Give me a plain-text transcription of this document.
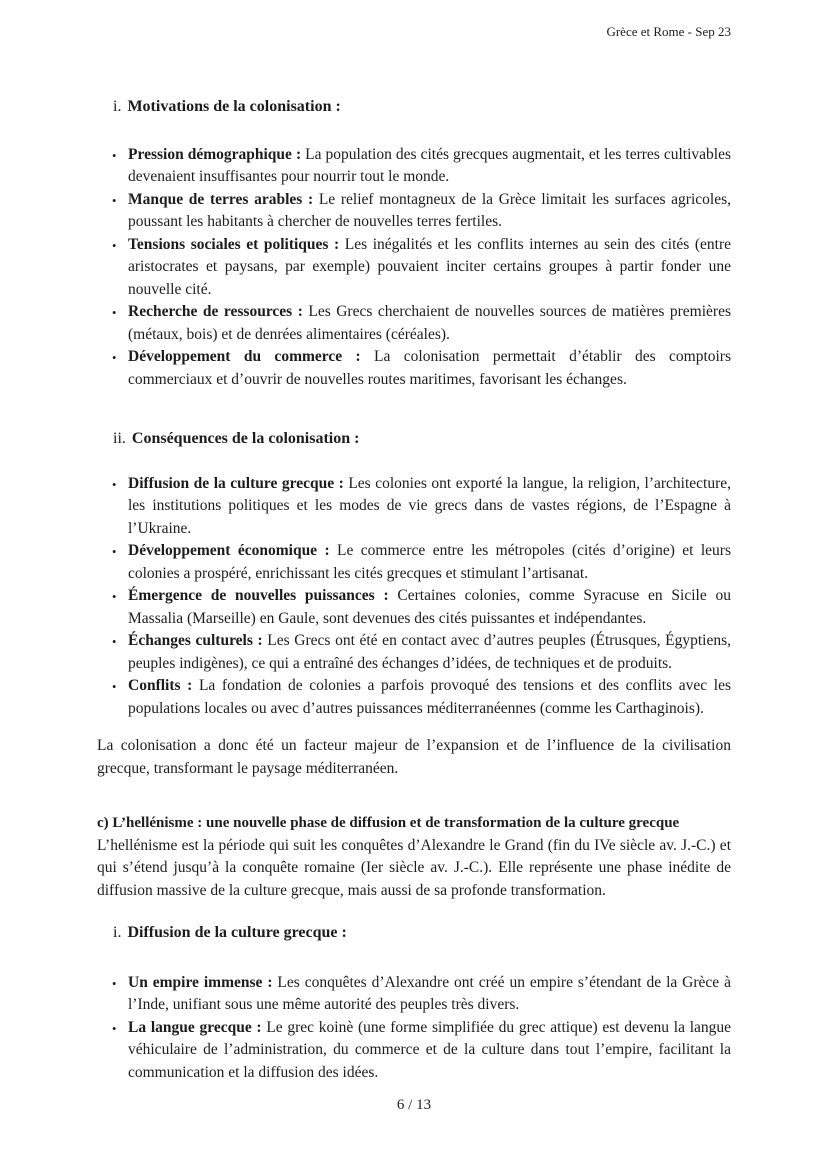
Grèce et Rome - Sep 23
i. Motivations de la colonisation :
• Pression démographique : La population des cités grecques augmentait, et les terres cultivables devenaient insuffisantes pour nourrir tout le monde.
• Manque de terres arables : Le relief montagneux de la Grèce limitait les surfaces agricoles, poussant les habitants à chercher de nouvelles terres fertiles.
• Tensions sociales et politiques : Les inégalités et les conflits internes au sein des cités (entre aristocrates et paysans, par exemple) pouvaient inciter certains groupes à partir fonder une nouvelle cité.
• Recherche de ressources : Les Grecs cherchaient de nouvelles sources de matières premières (métaux, bois) et de denrées alimentaires (céréales).
• Développement du commerce : La colonisation permettait d’établir des comptoirs commerciaux et d’ouvrir de nouvelles routes maritimes, favorisant les échanges.
ii. Conséquences de la colonisation :
• Diffusion de la culture grecque : Les colonies ont exporté la langue, la religion, l’architecture, les institutions politiques et les modes de vie grecs dans de vastes régions, de l’Espagne à l’Ukraine.
• Développement économique : Le commerce entre les métropoles (cités d’origine) et leurs colonies a prospéré, enrichissant les cités grecques et stimulant l’artisanat.
• Émergence de nouvelles puissances : Certaines colonies, comme Syracuse en Sicile ou Massalia (Marseille) en Gaule, sont devenues des cités puissantes et indépendantes.
• Échanges culturels : Les Grecs ont été en contact avec d’autres peuples (Étrusques, Égyptiens, peuples indigènes), ce qui a entraîné des échanges d’idées, de techniques et de produits.
• Conflits : La fondation de colonies a parfois provoqué des tensions et des conflits avec les populations locales ou avec d’autres puissances méditerranéennes (comme les Carthaginois).

La colonisation a donc été un facteur majeur de l’expansion et de l’influence de la civilisation grecque, transformant le paysage méditerranéen.

c) L’hellénisme : une nouvelle phase de diffusion et de transformation de la culture grecque

L’hellénisme est la période qui suit les conquêtes d’Alexandre le Grand (fin du IVe siècle av. J.-C.) et qui s’étend jusqu’à la conquête romaine (Ier siècle av. J.-C.). Elle représente une phase inédite de diffusion massive de la culture grecque, mais aussi de sa profonde transformation.

i. Diffusion de la culture grecque :
• Un empire immense : Les conquêtes d’Alexandre ont créé un empire s’étendant de la Grèce à l’Inde, unifiant sous une même autorité des peuples très divers.
• La langue grecque : Le grec koinè (une forme simplifiée du grec attique) est devenu la langue véhiculaire de l’administration, du commerce et de la culture dans tout l’empire, facilitant la communication et la diffusion des idées.
6 / 13
